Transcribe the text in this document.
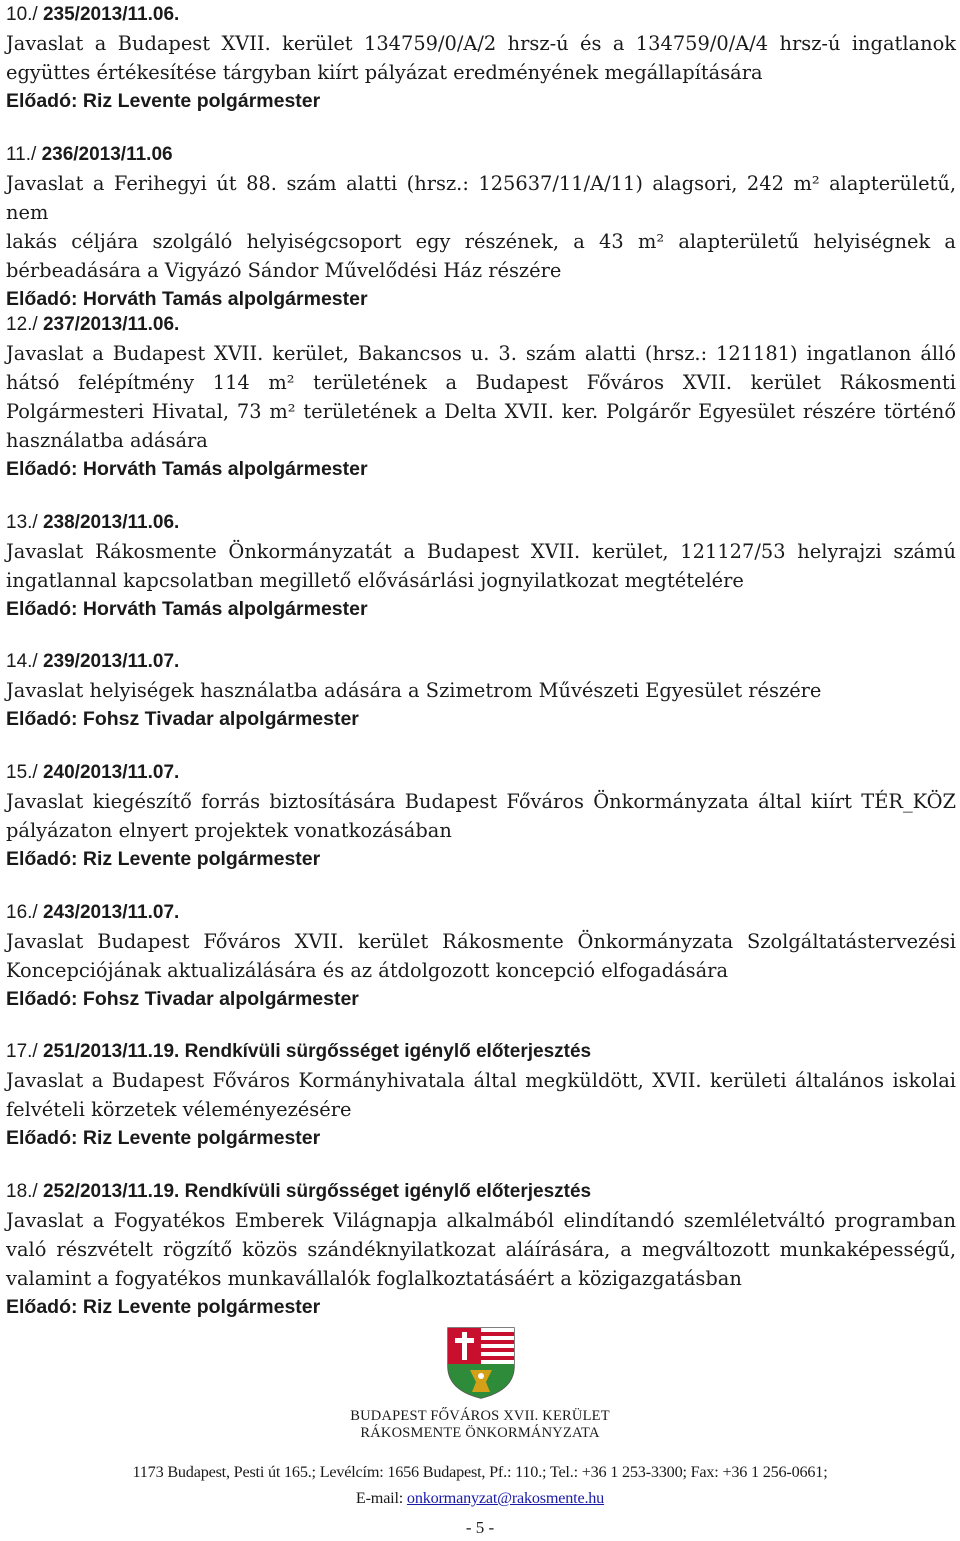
10./ 235/2013/11.06.
Javaslat a Budapest XVII. kerület 134759/0/A/2 hrsz-ú és a 134759/0/A/4 hrsz-ú ingatlanok
együttes értékesítése tárgyban kiírt pályázat eredményének megállapítására
Előadó: Riz Levente polgármester
11./ 236/2013/11.06
Javaslat a Ferihegyi út 88. szám alatti (hrsz.: 125637/11/A/11) alagsori, 242 m² alapterületű, nem
lakás céljára szolgáló helyiségcsoport egy részének, a 43 m² alapterületű helyiségnek a
bérbeadására a Vigyázó Sándor Művelődési Ház részére
Előadó: Horváth Tamás alpolgármester
12./ 237/2013/11.06.
Javaslat a Budapest XVII. kerület, Bakancsos u. 3. szám alatti (hrsz.: 121181) ingatlanon álló
hátsó felépítmény 114 m² területének a Budapest Főváros XVII. kerület Rákosmenti
Polgármesteri Hivatal, 73 m² területének a Delta XVII. ker. Polgárőr Egyesület részére történő
használatba adására
Előadó: Horváth Tamás alpolgármester
13./ 238/2013/11.06.
Javaslat Rákosmente Önkormányzatát a Budapest XVII. kerület, 121127/53 helyrajzi számú
ingatlannal kapcsolatban megillető elővásárlási jognyilatkozat megtételére
Előadó: Horváth Tamás alpolgármester
14./ 239/2013/11.07.
Javaslat helyiségek használatba adására a Szimetrom Művészeti Egyesület részére
Előadó: Fohsz Tivadar alpolgármester
15./ 240/2013/11.07.
Javaslat kiegészítő forrás biztosítására Budapest Főváros Önkormányzata által kiírt TÉR_KÖZ
pályázaton elnyert projektek vonatkozásában
Előadó: Riz Levente polgármester
16./ 243/2013/11.07.
Javaslat Budapest Főváros XVII. kerület Rákosmente Önkormányzata Szolgáltatástervezési
Koncepciójának aktualizálására és az átdolgozott koncepció elfogadására
Előadó: Fohsz Tivadar alpolgármester
17./ 251/2013/11.19. Rendkívüli sürgősséget igénylő előterjesztés
Javaslat a Budapest Főváros Kormányhivatala által megküldött, XVII. kerületi általános iskolai
felvételi körzetek véleményezésére
Előadó: Riz Levente polgármester
18./ 252/2013/11.19. Rendkívüli sürgősséget igénylő előterjesztés
Javaslat a Fogyatékos Emberek Világnapja alkalmából elindítandó szemléletváltó programban
való részvételt rögzítő közös szándéknyilatkozat aláírására, a megváltozott munkaképességű,
valamint a fogyatékos munkavállalók foglalkoztatásáért a közigazgatásban
Előadó: Riz Levente polgármester
BUDAPEST FŐVÁROS XVII. KERÜLET
RÁKOSMENTE ÖNKORMÁNYZATA
1173 Budapest, Pesti út 165.; Levélcím: 1656 Budapest, Pf.: 110.; Tel.: +36 1 253-3300; Fax: +36 1 256-0661;
E-mail: onkormanyzat@rakosmente.hu
- 5 -
